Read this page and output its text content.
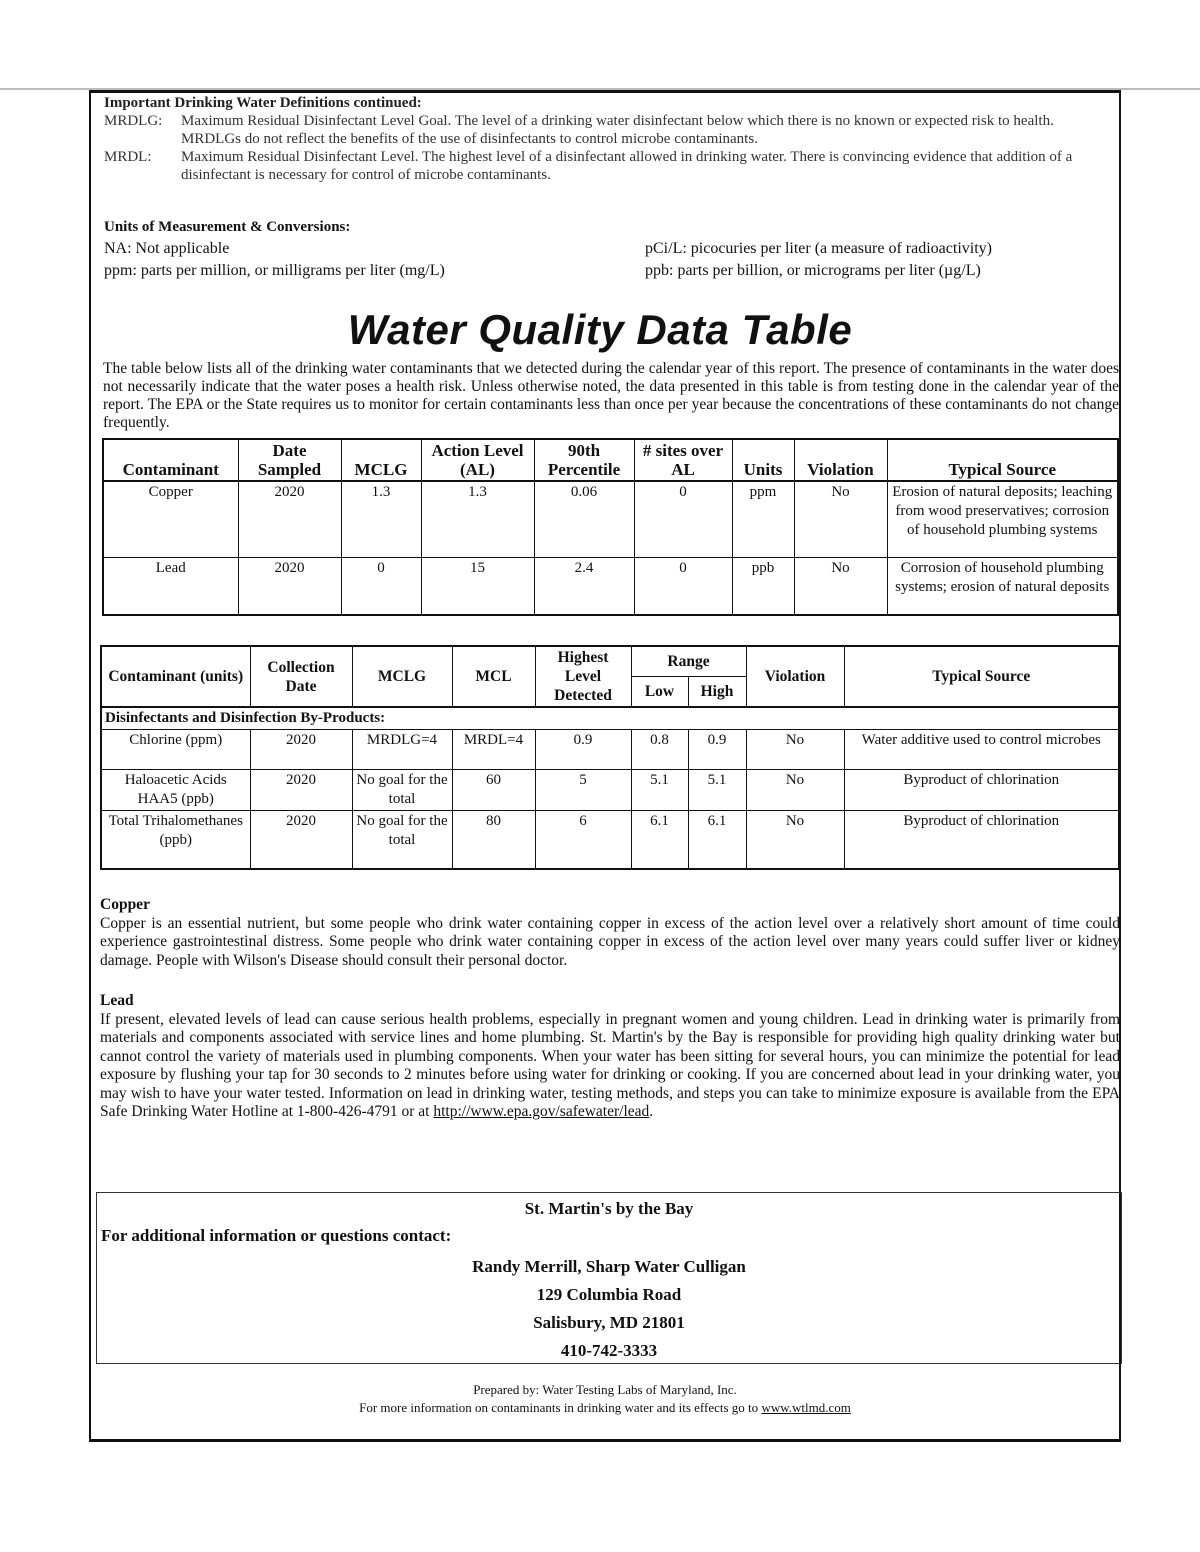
Important Drinking Water Definitions continued:
MRDLG:	Maximum Residual Disinfectant Level Goal. The level of a drinking water disinfectant below which there is no known or expected risk to health. MRDLGs do not reflect the benefits of the use of disinfectants to control microbe contaminants.
MRDL:	Maximum Residual Disinfectant Level. The highest level of a disinfectant allowed in drinking water. There is convincing evidence that addition of a disinfectant is necessary for control of microbe contaminants.
Units of Measurement & Conversions:
NA: Not applicable
ppm: parts per million, or milligrams per liter (mg/L)
pCi/L: picocuries per liter (a measure of radioactivity)
ppb: parts per billion, or micrograms per liter (µg/L)
Water Quality Data Table
The table below lists all of the drinking water contaminants that we detected during the calendar year of this report. The presence of contaminants in the water does not necessarily indicate that the water poses a health risk. Unless otherwise noted, the data presented in this table is from testing done in the calendar year of the report. The EPA or the State requires us to monitor for certain contaminants less than once per year because the concentrations of these contaminants do not change frequently.
Contaminant	Date Sampled	MCLG	Action Level (AL)	90th Percentile	# sites over AL	Units	Violation	Typical Source
Copper	2020	1.3	1.3	0.06	0	ppm	No	Erosion of natural deposits; leaching from wood preservatives; corrosion of household plumbing systems
Lead	2020	0	15	2.4	0	ppb	No	Corrosion of household plumbing systems; erosion of natural deposits
Contaminant (units)	Collection Date	MCLG	MCL	Highest Level Detected	Range		Violation	Typical Source
					Low	High		
Disinfectants and Disinfection By-Products:								
Chlorine (ppm)	2020	MRDLG=4	MRDL=4	0.9	0.8	0.9	No	Water additive used to control microbes
Haloacetic Acids HAA5 (ppb)	2020	No goal for the total	60	5	5.1	5.1	No	Byproduct of chlorination
Total Trihalomethanes (ppb)	2020	No goal for the total	80	6	6.1	6.1	No	Byproduct of chlorination
Copper
Copper is an essential nutrient, but some people who drink water containing copper in excess of the action level over a relatively short amount of time could experience gastrointestinal distress. Some people who drink water containing copper in excess of the action level over many years could suffer liver or kidney damage. People with Wilson's Disease should consult their personal doctor.
Lead
If present, elevated levels of lead can cause serious health problems, especially in pregnant women and young children. Lead in drinking water is primarily from materials and components associated with service lines and home plumbing. St. Martin's by the Bay is responsible for providing high quality drinking water but cannot control the variety of materials used in plumbing components. When your water has been sitting for several hours, you can minimize the potential for lead exposure by flushing your tap for 30 seconds to 2 minutes before using water for drinking or cooking. If you are concerned about lead in your drinking water, you may wish to have your water tested. Information on lead in drinking water, testing methods, and steps you can take to minimize exposure is available from the EPA Safe Drinking Water Hotline at 1-800-426-4791 or at http://www.epa.gov/safewater/lead.
St. Martin's by the Bay
For additional information or questions contact:
Randy Merrill, Sharp Water Culligan
129 Columbia Road
Salisbury, MD 21801
410-742-3333
Prepared by: Water Testing Labs of Maryland, Inc.
For more information on contaminants in drinking water and its effects go to www.wtlmd.com
